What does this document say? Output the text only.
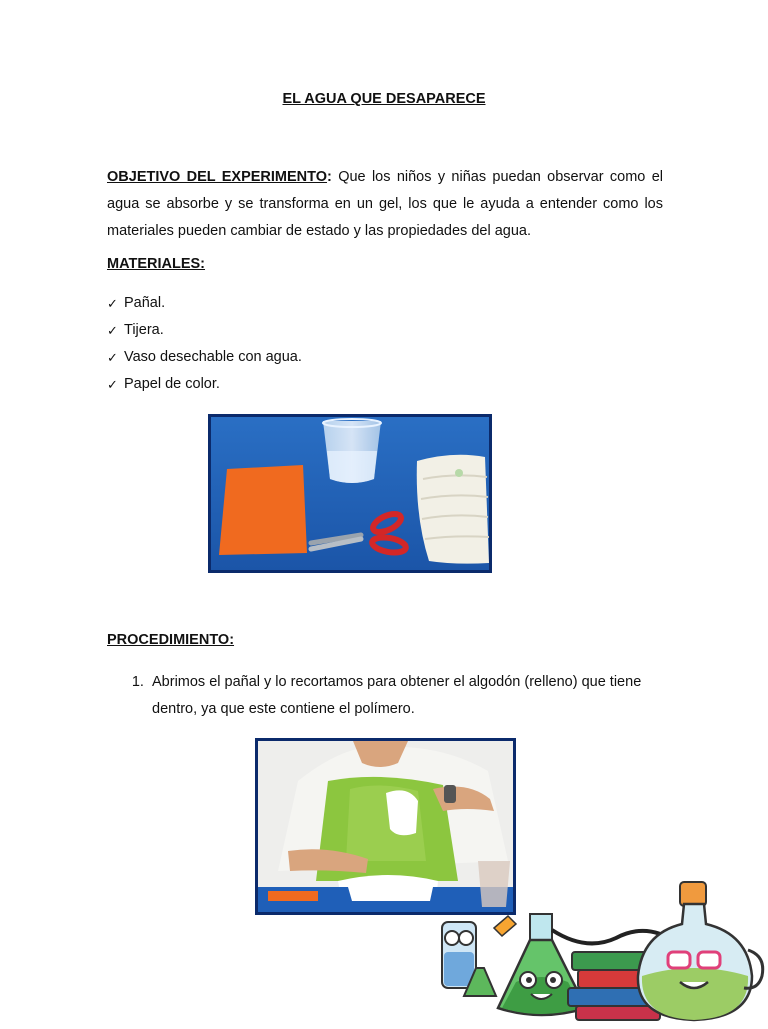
EL AGUA QUE DESAPARECE
OBJETIVO DEL EXPERIMENTO: Que los niños y niñas puedan observar como el agua se absorbe y se transforma en un gel, los que le ayuda a entender como los materiales pueden cambiar de estado y las propiedades del agua.
MATERIALES:
✓ Pañal.
✓ Tijera.
✓ Vaso desechable con agua.
✓ Papel de color.
PROCEDIMIENTO:
1. Abrimos el pañal y lo recortamos para obtener el algodón (relleno) que tiene dentro, ya que este contiene el polímero.
